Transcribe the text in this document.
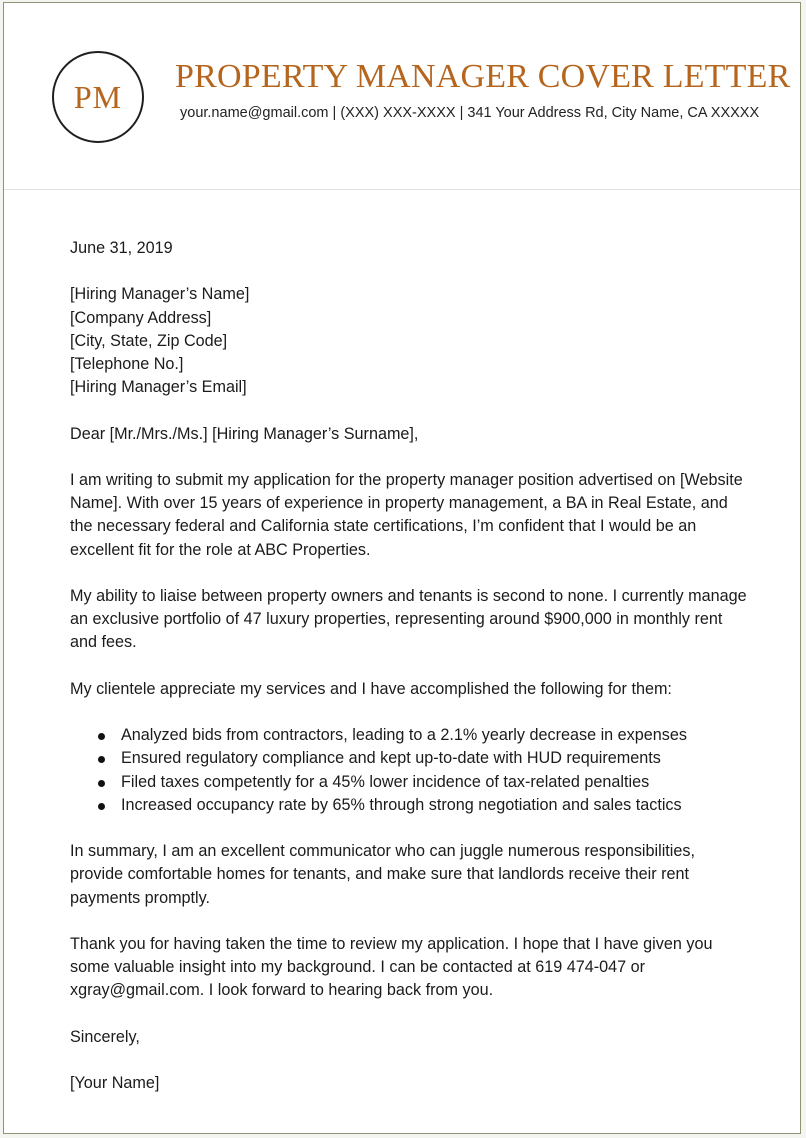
PM
PROPERTY MANAGER COVER LETTER
your.name@gmail.com | (XXX) XXX-XXXX | 341 Your Address Rd, City Name, CA XXXXX

June 31, 2019

[Hiring Manager’s Name]
[Company Address]
[City, State, Zip Code]
[Telephone No.]
[Hiring Manager’s Email]

Dear [Mr./Mrs./Ms.] [Hiring Manager’s Surname],

I am writing to submit my application for the property manager position advertised on [Website Name]. With over 15 years of experience in property management, a BA in Real Estate, and the necessary federal and California state certifications, I’m confident that I would be an excellent fit for the role at ABC Properties.

My ability to liaise between property owners and tenants is second to none. I currently manage an exclusive portfolio of 47 luxury properties, representing around $900,000 in monthly rent and fees.

My clientele appreciate my services and I have accomplished the following for them:

Analyzed bids from contractors, leading to a 2.1% yearly decrease in expenses
Ensured regulatory compliance and kept up-to-date with HUD requirements
Filed taxes competently for a 45% lower incidence of tax-related penalties
Increased occupancy rate by 65% through strong negotiation and sales tactics

In summary, I am an excellent communicator who can juggle numerous responsibilities, provide comfortable homes for tenants, and make sure that landlords receive their rent payments promptly.

Thank you for having taken the time to review my application. I hope that I have given you some valuable insight into my background. I can be contacted at 619 474-047 or xgray@gmail.com. I look forward to hearing back from you.

Sincerely,

[Your Name]
